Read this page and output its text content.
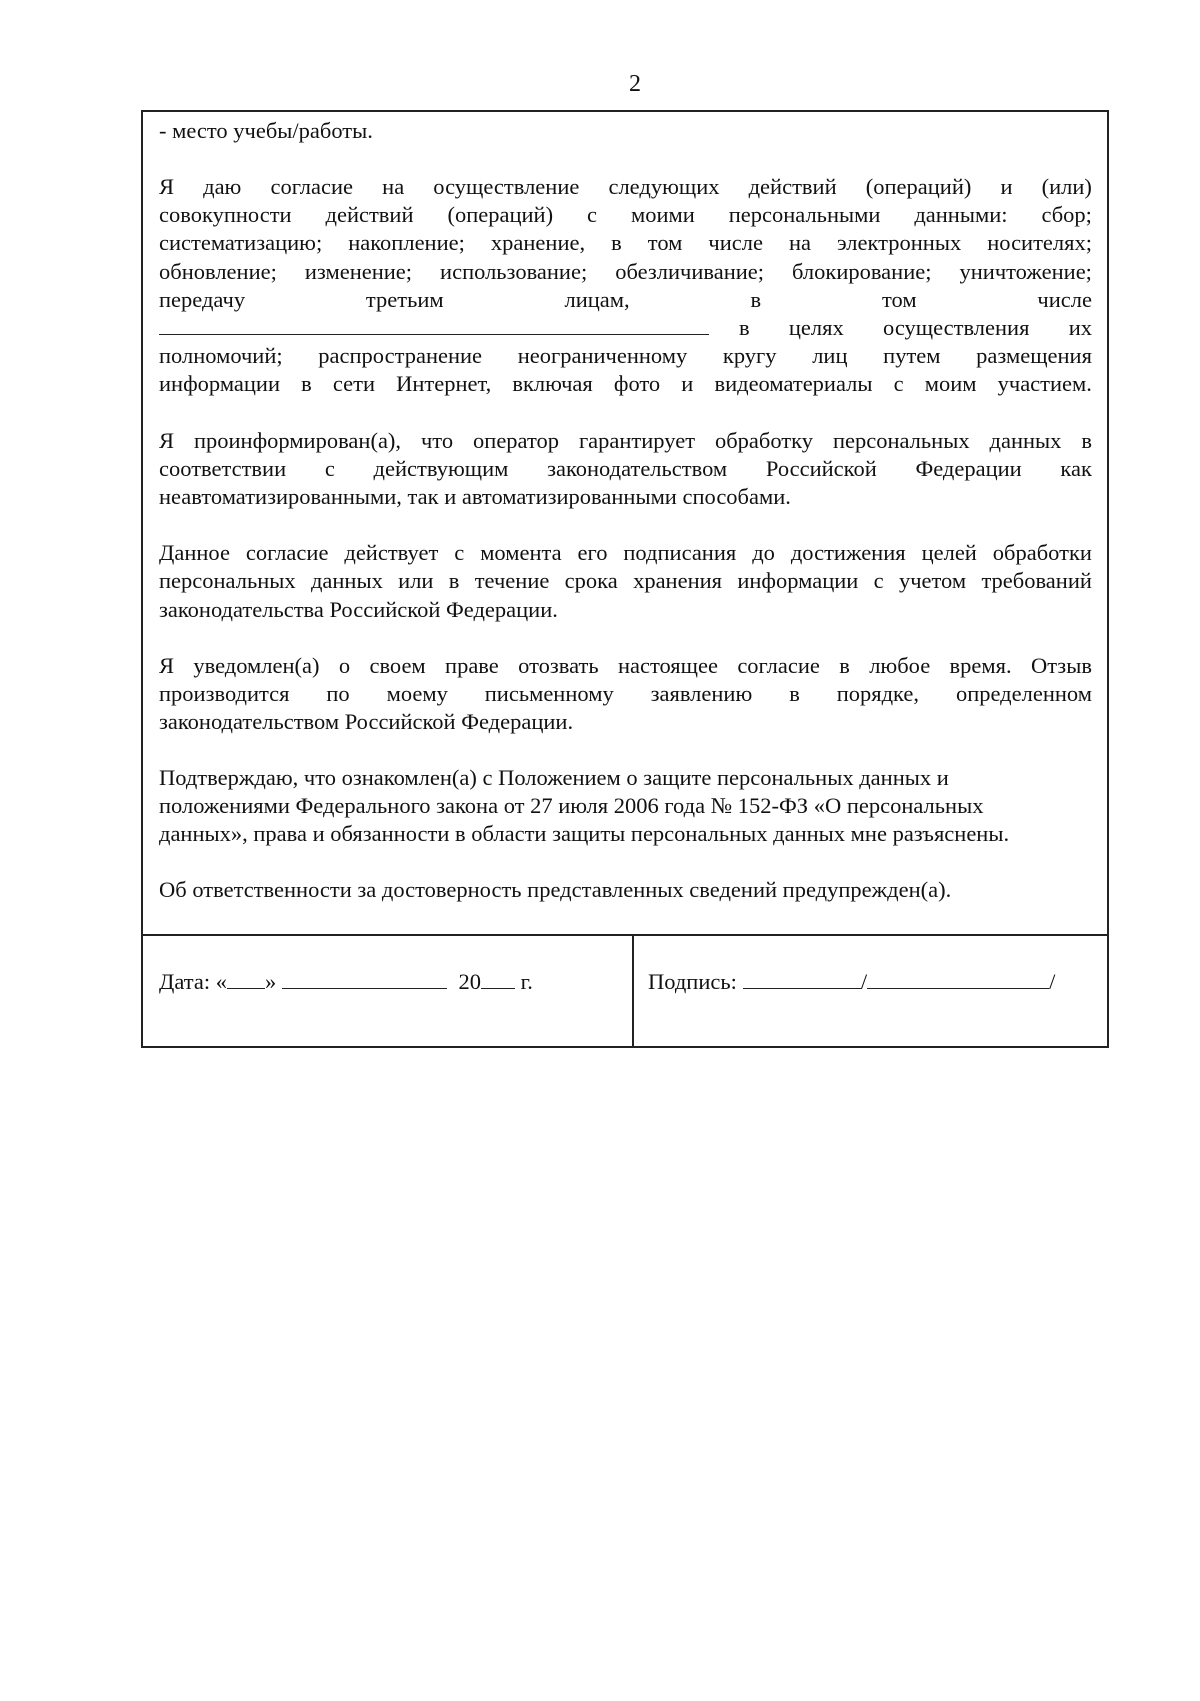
2

- место учебы/работы.

Я даю согласие на осуществление следующих действий (операций) и (или)
совокупности действий (операций) с моими персональными данными: сбор;
систематизацию; накопление; хранение, в том числе на электронных носителях;
обновление; изменение; использование; обезличивание; блокирование; уничтожение;
передачу	третьим	лицам,	в	том	числе
в целях осуществления их
полномочий; распространение неограниченному кругу лиц путем размещения
информации в сети Интернет, включая фото и видеоматериалы с моим участием.
Я проинформирован(а), что оператор гарантирует обработку персональных данных в
соответствии с действующим законодательством Российской Федерации как
неавтоматизированными, так и автоматизированными способами.
Данное согласие действует с момента его подписания до достижения целей обработки
персональных данных или в течение срока хранения информации с учетом требований
законодательства Российской Федерации.
Я уведомлен(а) о своем праве отозвать настоящее согласие в любое время. Отзыв
производится по моему письменному заявлению в порядке, определенном
законодательством Российской Федерации.
Подтверждаю, что ознакомлен(а) с Положением о защите персональных данных и
положениями Федерального закона от 27 июля 2006 года № 152-ФЗ «О персональных
данных», права и обязанности в области защиты персональных данных мне разъяснены.
Об ответственности за достоверность представленных сведений предупрежден(а).
Дата: « »	20 г.	Подпись:	/	/
